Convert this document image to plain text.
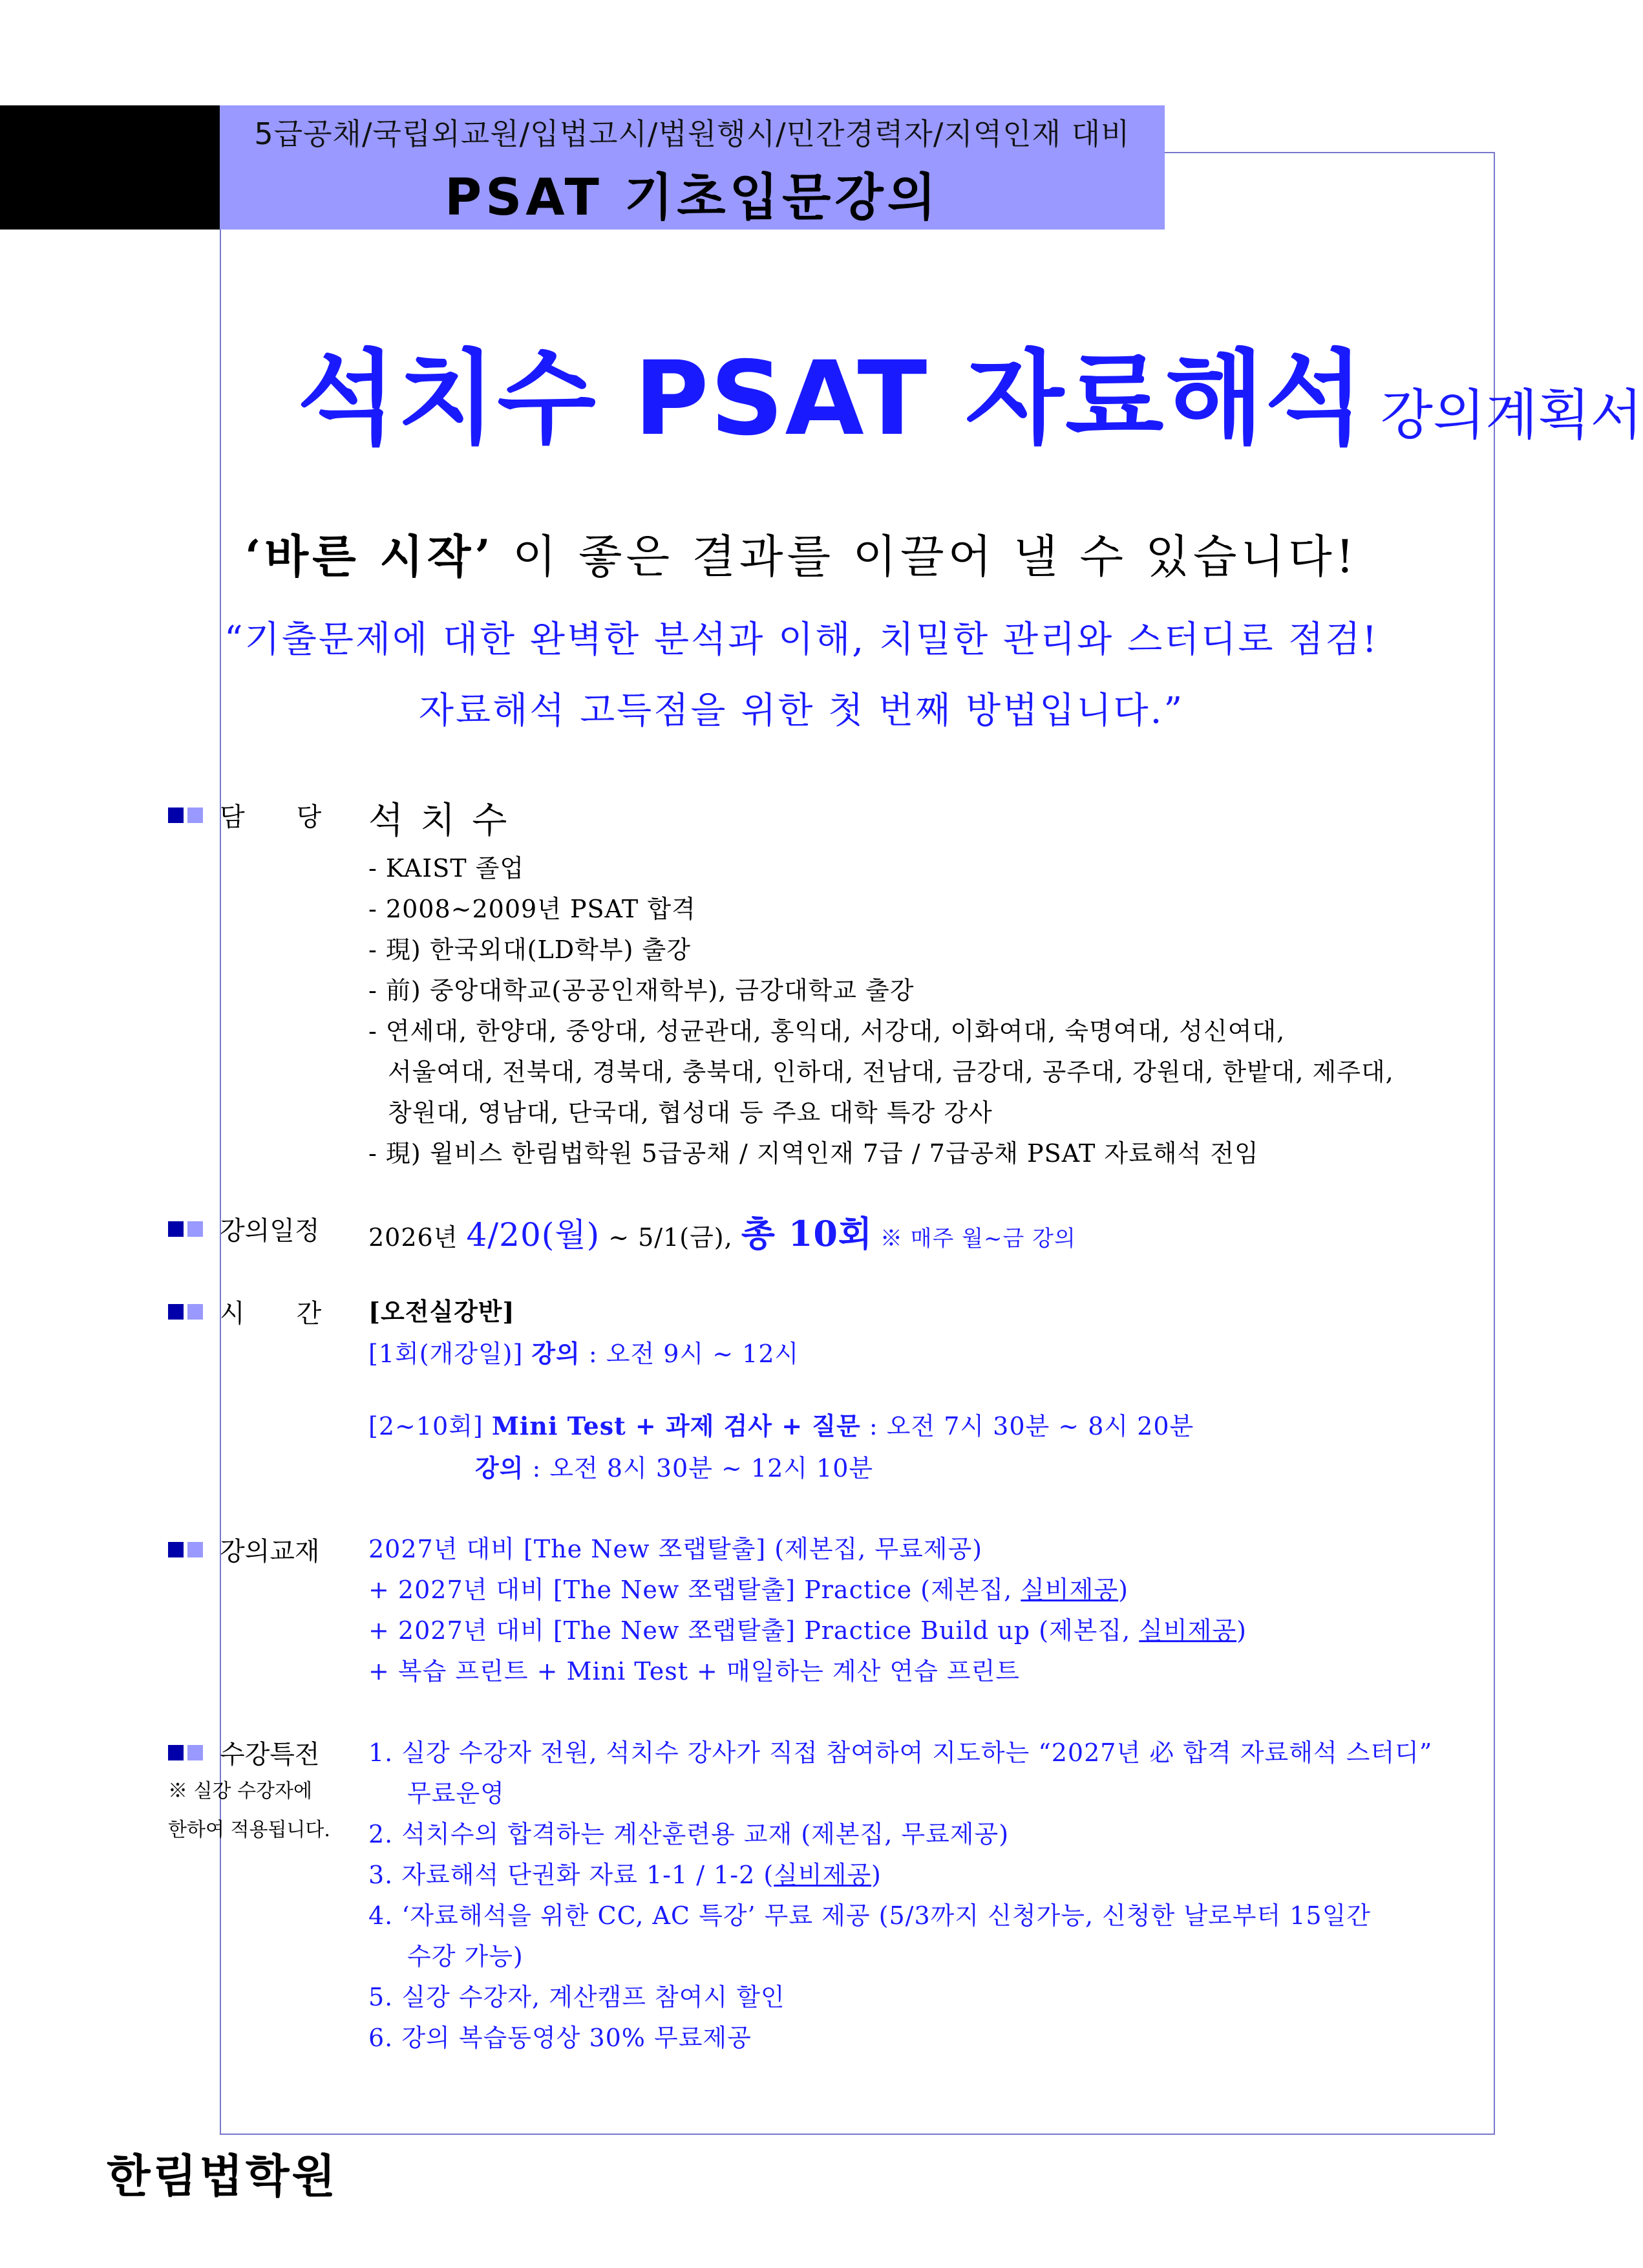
5급공채/국립외교원/입법고시/법원행시/민간경력자/지역인재 대비
PSAT 기초입문강의
석치수 PSAT 자료해석 강의계획서
‘바른 시작’ 이 좋은 결과를 이끌어 낼 수 있습니다!
“기출문제에 대한 완벽한 분석과 이해, 치밀한 관리와 스터디로 점검!
자료해석 고득점을 위한 첫 번째 방법입니다.”
담　　당 석치수
- KAIST 졸업
- 2008~2009년 PSAT 합격
- 現) 한국외대(LD학부) 출강
- 前) 중앙대학교(공공인재학부), 금강대학교 출강
- 연세대, 한양대, 중앙대, 성균관대, 홍익대, 서강대, 이화여대, 숙명여대, 성신여대,
서울여대, 전북대, 경북대, 충북대, 인하대, 전남대, 금강대, 공주대, 강원대, 한밭대, 제주대,
창원대, 영남대, 단국대, 협성대 등 주요 대학 특강 강사
- 現) 윌비스 한림법학원 5급공채 / 지역인재 7급 / 7급공채 PSAT 자료해석 전임
강의일정 2026년 4/20(월) ~ 5/1(금), 총 10회 ※ 매주 월~금 강의
시　　간 [오전실강반]
[1회(개강일)] 강의 : 오전 9시 ~ 12시
[2~10회] Mini Test + 과제 검사 + 질문 : 오전 7시 30분 ~ 8시 20분
강의 : 오전 8시 30분 ~ 12시 10분
강의교재 2027년 대비 [The New 쪼랩탈출] (제본집, 무료제공)
+ 2027년 대비 [The New 쪼랩탈출] Practice (제본집, 실비제공)
+ 2027년 대비 [The New 쪼랩탈출] Practice Build up (제본집, 실비제공)
+ 복습 프린트 + Mini Test + 매일하는 계산 연습 프린트
수강특전
※ 실강 수강자에
한하여 적용됩니다.
1. 실강 수강자 전원, 석치수 강사가 직접 참여하여 지도하는 “2027년 必 합격 자료해석 스터디”
무료운영
2. 석치수의 합격하는 계산훈련용 교재 (제본집, 무료제공)
3. 자료해석 단권화 자료 1-1 / 1-2 (실비제공)
4. ‘자료해석을 위한 CC, AC 특강’ 무료 제공 (5/3까지 신청가능, 신청한 날로부터 15일간
수강 가능)
5. 실강 수강자, 계산캠프 참여시 할인
6. 강의 복습동영상 30% 무료제공
한림법학원
